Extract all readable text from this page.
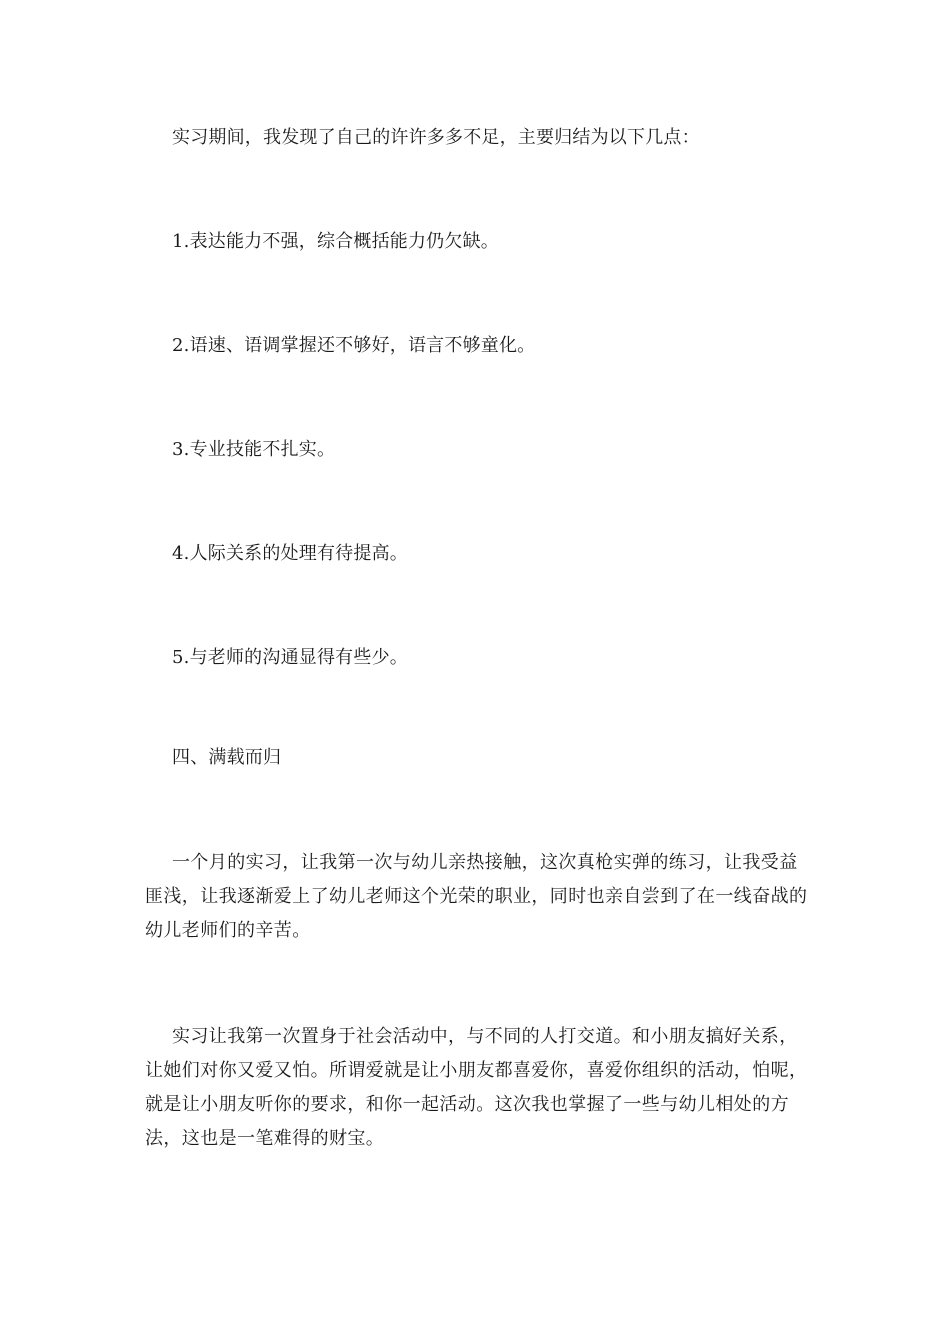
实习期间，我发现了自己的许许多多不足，主要归结为以下几点：
1.表达能力不强，综合概括能力仍欠缺。
2.语速、语调掌握还不够好，语言不够童化。
3.专业技能不扎实。
4.人际关系的处理有待提高。
5.与老师的沟通显得有些少。
四、满载而归
一个月的实习，让我第一次与幼儿亲热接触，这次真枪实弹的练习，让我受益匪浅，让我逐渐爱上了幼儿老师这个光荣的职业，同时也亲自尝到了在一线奋战的幼儿老师们的辛苦。
实习让我第一次置身于社会活动中，与不同的人打交道。和小朋友搞好关系，让她们对你又爱又怕。所谓爱就是让小朋友都喜爱你，喜爱你组织的活动，怕呢，就是让小朋友听你的要求，和你一起活动。这次我也掌握了一些与幼儿相处的方法，这也是一笔难得的财宝。
